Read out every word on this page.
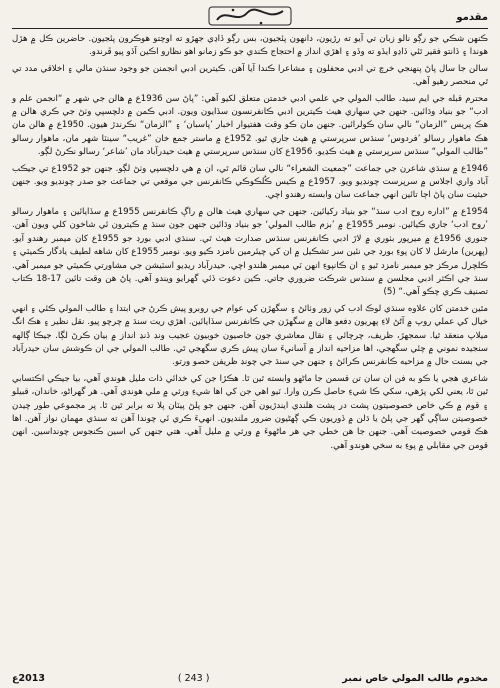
مقدمو

ڪنهن شڪي جو رڳو نالو زبان تي آيو ته رڙيون، دانهون پئجيون، بس رڳو ڏاڍي جهڙو ته اوچتو هوڪرون پئجيون. حاضرين ڪل ۾ هڙل هوندا ۽ ڏانتو فقير ٿئي ڏاڍو ايڏو ته وڏو ۽ اهڙي انداز ۾ احتجاج ڪندي جو ڪو زمانو اهو نظارو اڪين آڏو پيو ڦرندو.

سالن جا سال پاڻ پنهنجي خرچ تي ادبي محفلون ۽ مشاعرا ڪندا آيا آهن. ڪيترين ادبي انجمنن جو وجود سنڌن مالي ۽ اخلاقي مدد تي ٿي منحصر رهيو آهي.

محترم قبله جي ايم سيد، طالب المولي جي علمي ادبي خدمتن متعلق لکيو آهي: ”پاڻ سن 1936ع ۾ هالن جي شهر ۾ “انجمن علم و ادب“ جو بنياد وڌائين. جنهن جي سهاري هيٺ ڪيترين ادبي ڪانفرنسون سڏايون ويون. ادبي ڪمن ۾ دلچسپي وٺڻ جي ڪري هالن ۾ هڪ پريس ”الزمان“ نالي سان ڪولرائين. جنهن مان ڪو وقت هفتيوار اخبار ’پاسبان‘ ۽ ”الزمان“ نڪرندڙ هيون. 1950ع ۾ هالن مان هڪ ماهوار رسالو ’فردوس‘ سنڌس سرپرستي ۾ هيٺ جاري ٿيو. 1952ع ۾ ماستر جمع خان ”غريب“ سينٽا شهر مان، ماهوار رسالو ”طالب المولي“ سنڌس سرپرستي ۾ هيٺ ڪڍيو. 1956ع کان سنڌس سرپرستي ۾ هيٺ حيدرآباد مان ’شاعر‘ رسالو نڪرڻ لڳو.

1946ع ۾ سنڌي شاعرن جي جماعت ”جمعيت الشعراء“ نالي سان قائم ٿي، ان ۾ هي دلچسپي وٺڻ لڳو. جنهن جو 1952ع تي جيڪب آباد واري اجلاس ۾ سرپرست چونڊيو ويو. 1957ع ۾ ڪيس ڪُلڪوڪي ڪانفرنس جي موقعي تي جماعت جو صدر چونڊيو ويو. جنهن حيثيت سان پاڻ اڄا تائين انهي جماعت سان وابسته رهندو اچي.

1954ع ۾ ”اداره روح ادب سنڌ“ جو بنياد رکيائين. جنهن جي سهاري هيٺ هالن ۾ راڳ ڪانفرنس 1955ع ۾ سڏايائين ۽ ماهوار رسالو ’روح ادب‘ جاري ڪيائين. نومبر 1955ع ۾ ’بزم طالب المولي‘ جو بنياد وڌائين جنهن جون سنڌ ۾ ڪيترون ئي شاخون کلي ويون آهن. جنوري 1956ع ۾ ميرپور بٺوري ۾ لاڙ ادبي ڪانفرنس سنڌس صدارت هيٺ ٿي. سنڌي ادبي بورڊ جو 1955ع کان ميمبر رهندو آيو. (پهرين) مارشل لا کان پوءِ بورڊ جي نئين سر تشڪيل ۾ ان کي چيئرمين نامزد ڪيو ويو. نومبر 1955ع کان شاهه لطيف يادگار ڪميٽي ۽ ڪلچرل مرڪز جو ميمبر نامزد ٿيو ۽ ان ڪانپوءِ انهن ٽي ميمبر هلندو اچي. حيدرآباد ريڊيو اسٽيشن جي مشاورتي ڪميٽي جو ميمبر آهي. سنڌ جي اڪثر ادبي مجلسن ۾ سنڌس شرڪت ضروري جاتي. ڪين دعوت ڏئي گهرايو ويندو آهي. پاڻ هن وقت تائين 17-18 ڪتاب تصنيف ڪري چڪو آهي.“ (5)

مٿين خدمتن کان علاوه سنڌي لوڪ ادب کي زور وٺائڻ ۽ سگهڙن کي عوام جي روبرو پيش ڪرڻ جي ابتدا ۽ طالب المولي ڪئي ۽ انهي خيال کي عملي روپ ۾ آڻڻ لاءِ پهريون دفعو هالن ۾ سگهڙن جي ڪانفرنس سڏايائين. اهڙي ريت سنڌ ۾ چرچو پيو. نقل نظير ۽ هڪ انگ ميلاپ منعقد ٿيا. سمجهڙ، ظريف، چرچائي ۽ نقال معاشري جون خاصيون خوبيون عجيب ونڊ ڏنڍ انداز ۾ بيان ڪرڻ لڳا. جيڪا ڳالهه سنجيده نموني ۾ چئي سگهجي، اها مزاحيه انداز ۾ آسانيءَ سان پيش ڪري سگهجي ٿي. طالب المولي جي ان ڪوشش سان حيدرآباد جي بسنت حال ۾ مزاحيه ڪانفرنس ڪرائڻ ۽ جنهن جي سنڌ جي چونڊ ظريفن حصو ورتو.

شاعري هجي يا ڪو به فن ان سان تن قسمن جا ماڻهو وابسته ٿين ٿا. هڪڙا جن کي خدائي ذات مليل هوندي آهي، بيا جيڪي اڪتسابي ٿين ٿا، يعني لکي پڙهي، سکي ڪا شيءِ حاصل ڪرن وارا. ٽيو اهي جن کي اها شيءِ ورثي ۾ ملي هوندي آهي. هر گهراڻو، خاندان، قبيلو ۽ قوم ۾ ڪي خاص خصوصيتون پشت در پشت هلندي ايندڙيون آهن. جنهن جو پلڻ پيٽان پلا ته برابر ٿين ٿا. پر مجموعي طور چيدن خصوصيتن ساڳي گهر جي پلڻ يا ڌلن ۾ ڏوريون ڪي ڳهڻيون ضرور ملنديون. انهيءَ ڪري ئي چوندا آهن ته سنڌي مهمان نواز آهن. اها هڪ قومي خصوصيت آهي. جنهن جا هن خطي جي هر ماڻهوءَ ۾ ورثي ۾ مليل آهي. هتي جنهن کي اسين ڪنجوس چونداسين. انهن قومن جي مقابلي ۾ پوءِ به سخي هوندو آهي.

مخدوم طالب المولي خاص نمبر
( 243 )
2013ع
